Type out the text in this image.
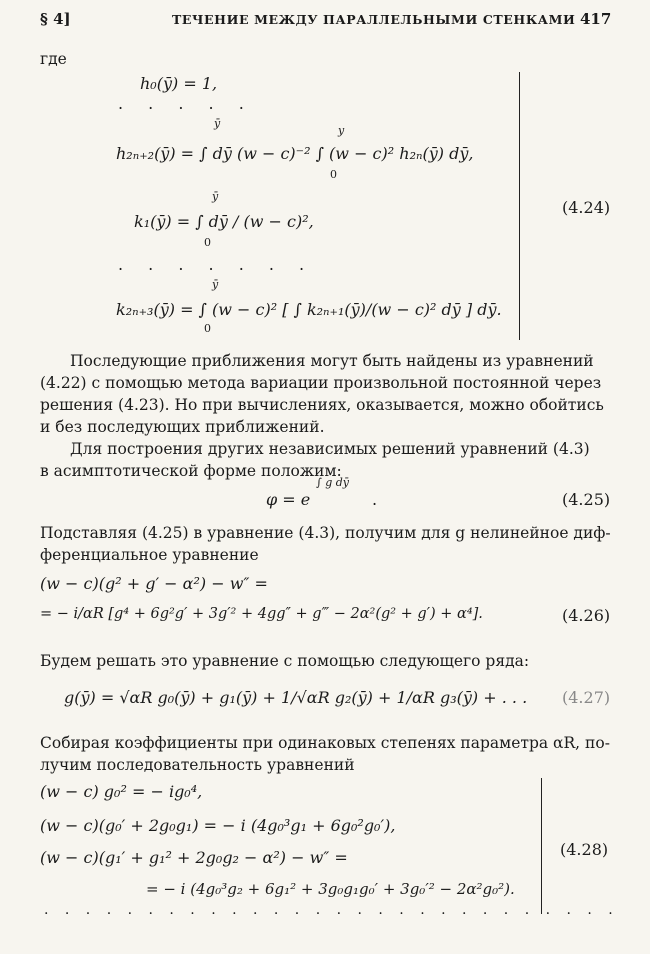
§ 4]	ТЕЧЕНИЕ МЕЖДУ ПАРАЛЛЕЛЬНЫМИ СТЕНКАМИ 417
где
h₀(ȳ) = 1,
. . . . .
ȳ
y
0
h₂ₙ₊₂(ȳ) = ∫ dȳ (w − c)⁻² ∫ (w − c)² h₂ₙ(ȳ) dȳ,
ȳ
0
k₁(ȳ) = ∫ dȳ / (w − c)²,
. . . . . . .
ȳ
0
k₂ₙ₊₃(ȳ) = ∫ (w − c)² [ ∫ k₂ₙ₊₁(ȳ)/(w − c)² dȳ ] dȳ.
(4.24)
Последующие приближения могут быть найдены из уравнений
(4.22) с помощью метода вариации произвольной постоянной через
решения (4.23). Но при вычислениях, оказывается, можно обойтись
и без последующих приближений.
Для построения других независимых решений уравнений (4.3)
в асимптотической форме положим:
φ = e
∫ g dȳ
.	(4.25)
Подставляя (4.25) в уравнение (4.3), получим для g нелинейное диф-
ференциальное уравнение
(w − c)(g² + g′ − α²) − w″ =
= − i/αR [g⁴ + 6g²g′ + 3g′² + 4gg″ + g‴ − 2α²(g² + g′) + α⁴].	(4.26)
Будем решать это уравнение с помощью следующего ряда:
g(ȳ) = √αR g₀(ȳ) + g₁(ȳ) + 1/√αR g₂(ȳ) + 1/αR g₃(ȳ) + . . . (4.27)
Собирая коэффициенты при одинаковых степенях параметра αR, по-
лучим последовательность уравнений
(w − c) g₀² = − ig₀⁴,
(w − c)(g₀′ + 2g₀g₁) = − i (4g₀³g₁ + 6g₀²g₀′),
(w − c)(g₁′ + g₁² + 2g₀g₂ − α²) − w″ =
= − i (4g₀³g₂ + 6g₁² + 3g₀g₁g₀′ + 3g₀′² − 2α²g₀²).
. . . . . . . . . . . . . . . . . . . . . . . . . . . .
(4.28)
